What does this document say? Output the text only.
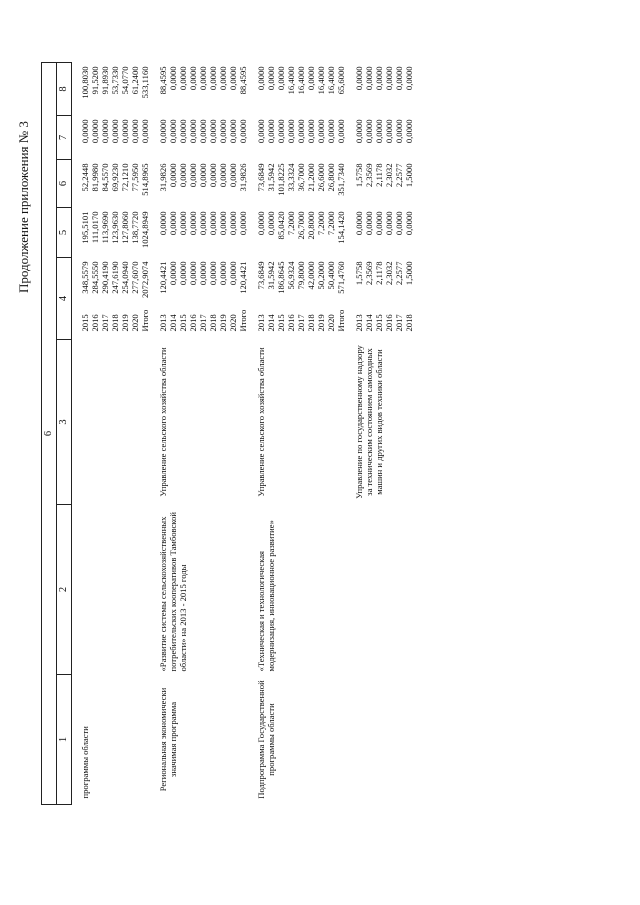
Продолжение приложения № 3
6								
1	2	3	4		5	6	7	8

программы области			2015	348,5579	195,5101	52,2448	0,0000	100,8030
			2016	284,5550	111,0170	81,9980	0,0000	91,5200
			2017	290,4190	113,9690	84,5570	0,0000	91,8930
			2018	247,6190	123,9630	69,9230	0,0000	53,7330
			2019	254,0940	127,8060	72,1210	0,0000	54,0770
			2020	277,6070	138,7720	77,5950	0,0000	61,2400
			Итого	2072,9074	1024,8949	514,8965	0,0000	533,1160

Региональная экономически значимая программа	«Развитие системы сельскохозяйственных потребительских кооперативов Тамбовской области» на 2013 - 2015 годы	Управление сельского хозяйства области	2013	120,4421	0,0000	31,9826	0,0000	88,4595
			2014	0,0000	0,0000	0,0000	0,0000	0,0000
			2015	0,0000	0,0000	0,0000	0,0000	0,0000
			2016	0,0000	0,0000	0,0000	0,0000	0,0000
			2017	0,0000	0,0000	0,0000	0,0000	0,0000
			2018	0,0000	0,0000	0,0000	0,0000	0,0000
			2019	0,0000	0,0000	0,0000	0,0000	0,0000
			2020	0,0000	0,0000	0,0000	0,0000	0,0000
			Итого	120,4421	0,0000	31,9826	0,0000	88,4595

Подпрограмма Государственной программы области	«Техническая и технологическая модернизация, инновационное развитие»	Управление сельского хозяйства области	2013	73,6849	0,0000	73,6849	0,0000	0,0000
			2014	31,5942	0,0000	31,5942	0,0000	0,0000
			2015	186,8645	85,0420	101,8225	0,0000	0,0000
			2016	56,9324	7,2000	33,3324	0,0000	16,4000
			2017	79,8000	26,7000	36,7000	0,0000	16,4000
			2018	42,0000	20,8000	21,2000	0,0000	0,0000
			2019	50,2000	7,2000	26,6000	0,0000	16,4000
			2020	50,4000	7,2000	26,8000	0,0000	16,4000
			Итого	571,4760	154,1420	351,7340	0,0000	65,6000

		Управление по государственному надзору за техническим состоянием самоходных машин и других видов техники области	2013	1,5758	0,0000	1,5758	0,0000	0,0000
			2014	2,3569	0,0000	2,3569	0,0000	0,0000
			2015	2,1178	0,0000	2,1178	0,0000	0,0000
			2016	2,3032	0,0000	2,3032	0,0000	0,0000
			2017	2,2577	0,0000	2,2577	0,0000	0,0000
			2018	1,5000	0,0000	1,5000	0,0000	0,0000
